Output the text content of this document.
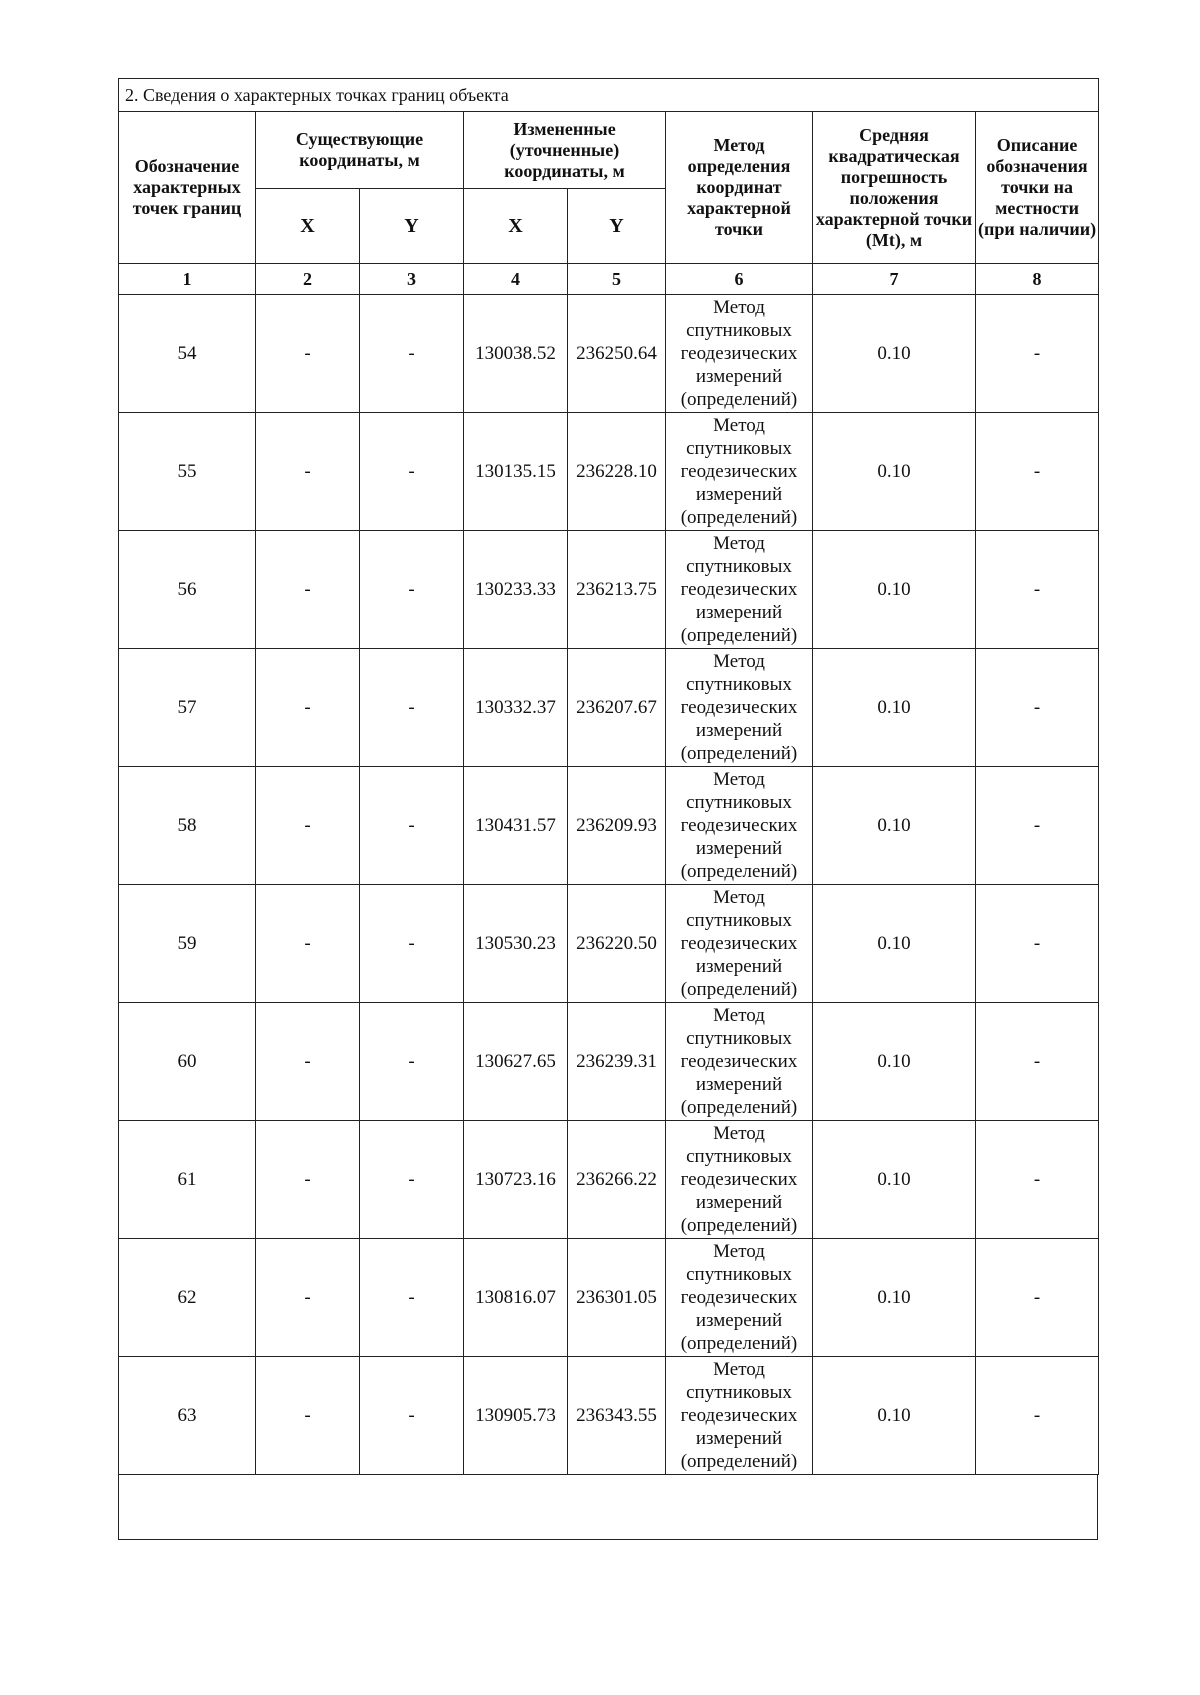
2. Сведения о характерных точках границ объекта							
Обозначение характерных точек границ	Существующие координаты, м		Измененные (уточненные) координаты, м		Метод определения координат характерной точки	Средняя квадратическая погрешность положения характерной точки (Mt), м	Описание обозначения точки на местности (при наличии)
	X	Y	X	Y			
1	2	3	4	5	6	7	8
54	-	-	130038.52	236250.64	Метод спутниковых геодезических измерений (определений)	0.10	-
55	-	-	130135.15	236228.10	Метод спутниковых геодезических измерений (определений)	0.10	-
56	-	-	130233.33	236213.75	Метод спутниковых геодезических измерений (определений)	0.10	-
57	-	-	130332.37	236207.67	Метод спутниковых геодезических измерений (определений)	0.10	-
58	-	-	130431.57	236209.93	Метод спутниковых геодезических измерений (определений)	0.10	-
59	-	-	130530.23	236220.50	Метод спутниковых геодезических измерений (определений)	0.10	-
60	-	-	130627.65	236239.31	Метод спутниковых геодезических измерений (определений)	0.10	-
61	-	-	130723.16	236266.22	Метод спутниковых геодезических измерений (определений)	0.10	-
62	-	-	130816.07	236301.05	Метод спутниковых геодезических измерений (определений)	0.10	-
63	-	-	130905.73	236343.55	Метод спутниковых геодезических измерений (определений)	0.10	-
